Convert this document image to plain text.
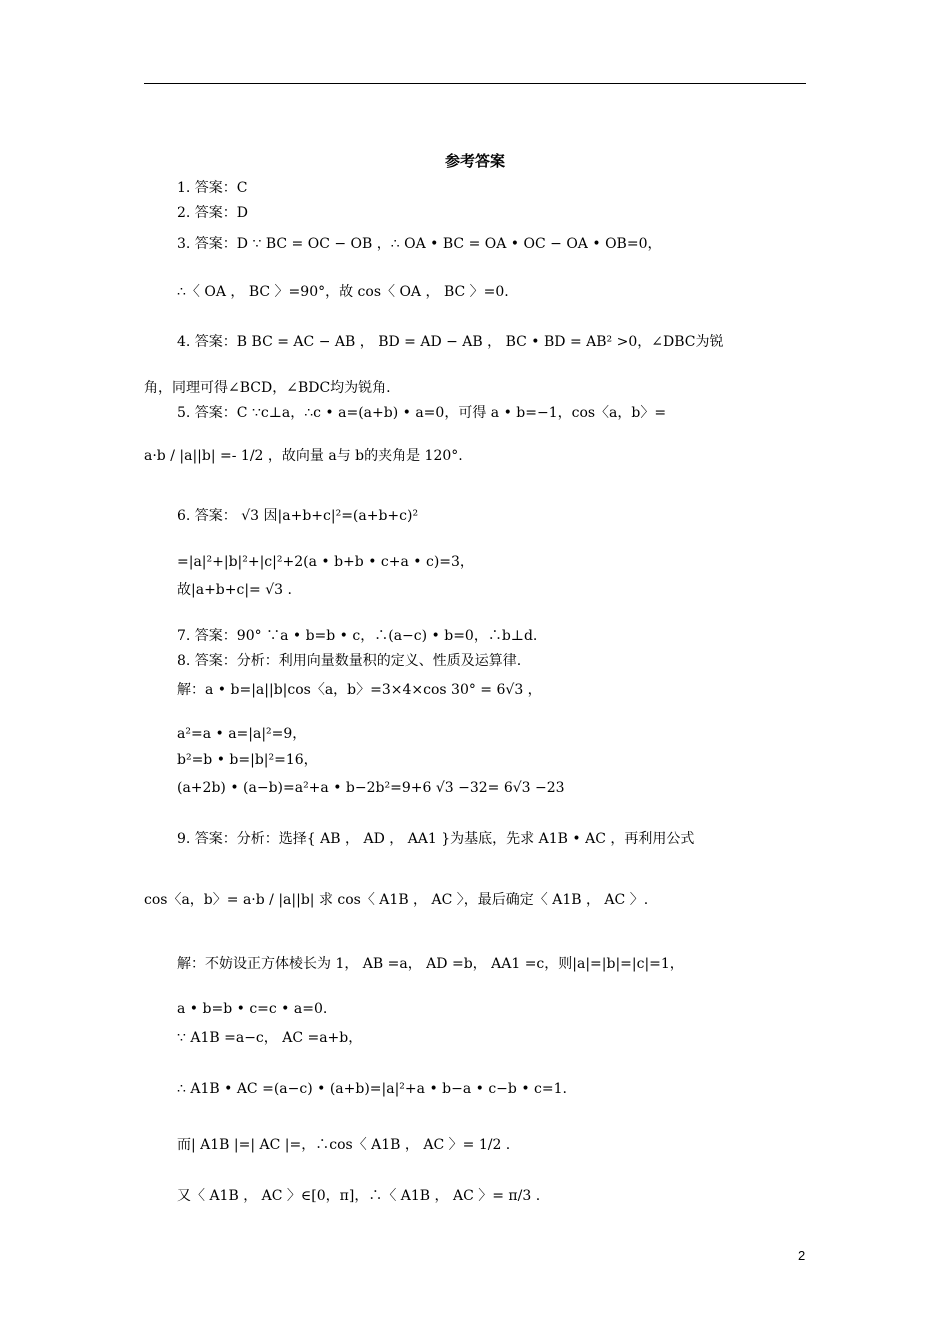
参考答案
1. 答案：C
2. 答案：D
3. 答案：D ∵ BC = OC − OB ，∴ OA • BC = OA • OC − OA • OB=0，
∴〈 OA ， BC 〉=90°，故 cos〈 OA ， BC 〉=0.
4. 答案：B BC = AC − AB ， BD = AD − AB ， BC • BD = AB² >0，∠DBC为锐
角，同理可得∠BCD，∠BDC均为锐角.
5. 答案：C ∵c⊥a，∴c • a=(a+b) • a=0，可得 a • b=−1，cos〈a，b〉=
a·b / |a||b| =- 1/2 ，故向量 a与 b的夹角是 120°.
6. 答案： √3 因|a+b+c|²=(a+b+c)²
=|a|²+|b|²+|c|²+2(a • b+b • c+a • c)=3，
故|a+b+c|= √3 .
7. 答案：90° ∵a • b=b • c，∴(a−c) • b=0，∴b⊥d.
8. 答案：分析：利用向量数量积的定义、性质及运算律.
解：a • b=|a||b|cos〈a，b〉=3×4×cos 30° = 6√3 ，
a²=a • a=|a|²=9，
b²=b • b=|b|²=16，
(a+2b) • (a−b)=a²+a • b−2b²=9+6 √3 −32= 6√3 −23
9. 答案：分析：选择{ AB ， AD ， AA1 }为基底，先求 A1B • AC ，再利用公式
cos〈a，b〉= a·b / |a||b| 求 cos〈 A1B ， AC 〉，最后确定〈 A1B ， AC 〉.
解：不妨设正方体棱长为 1， AB =a， AD =b， AA1 =c，则|a|=|b|=|c|=1，
a • b=b • c=c • a=0.
∵ A1B =a−c， AC =a+b，
∴ A1B • AC =(a−c) • (a+b)=|a|²+a • b−a • c−b • c=1.
而| A1B |=| AC |=，∴cos〈 A1B ， AC 〉= 1/2 .
又〈 A1B ， AC 〉∈[0，π]，∴〈 A1B ， AC 〉= π/3 .
2
